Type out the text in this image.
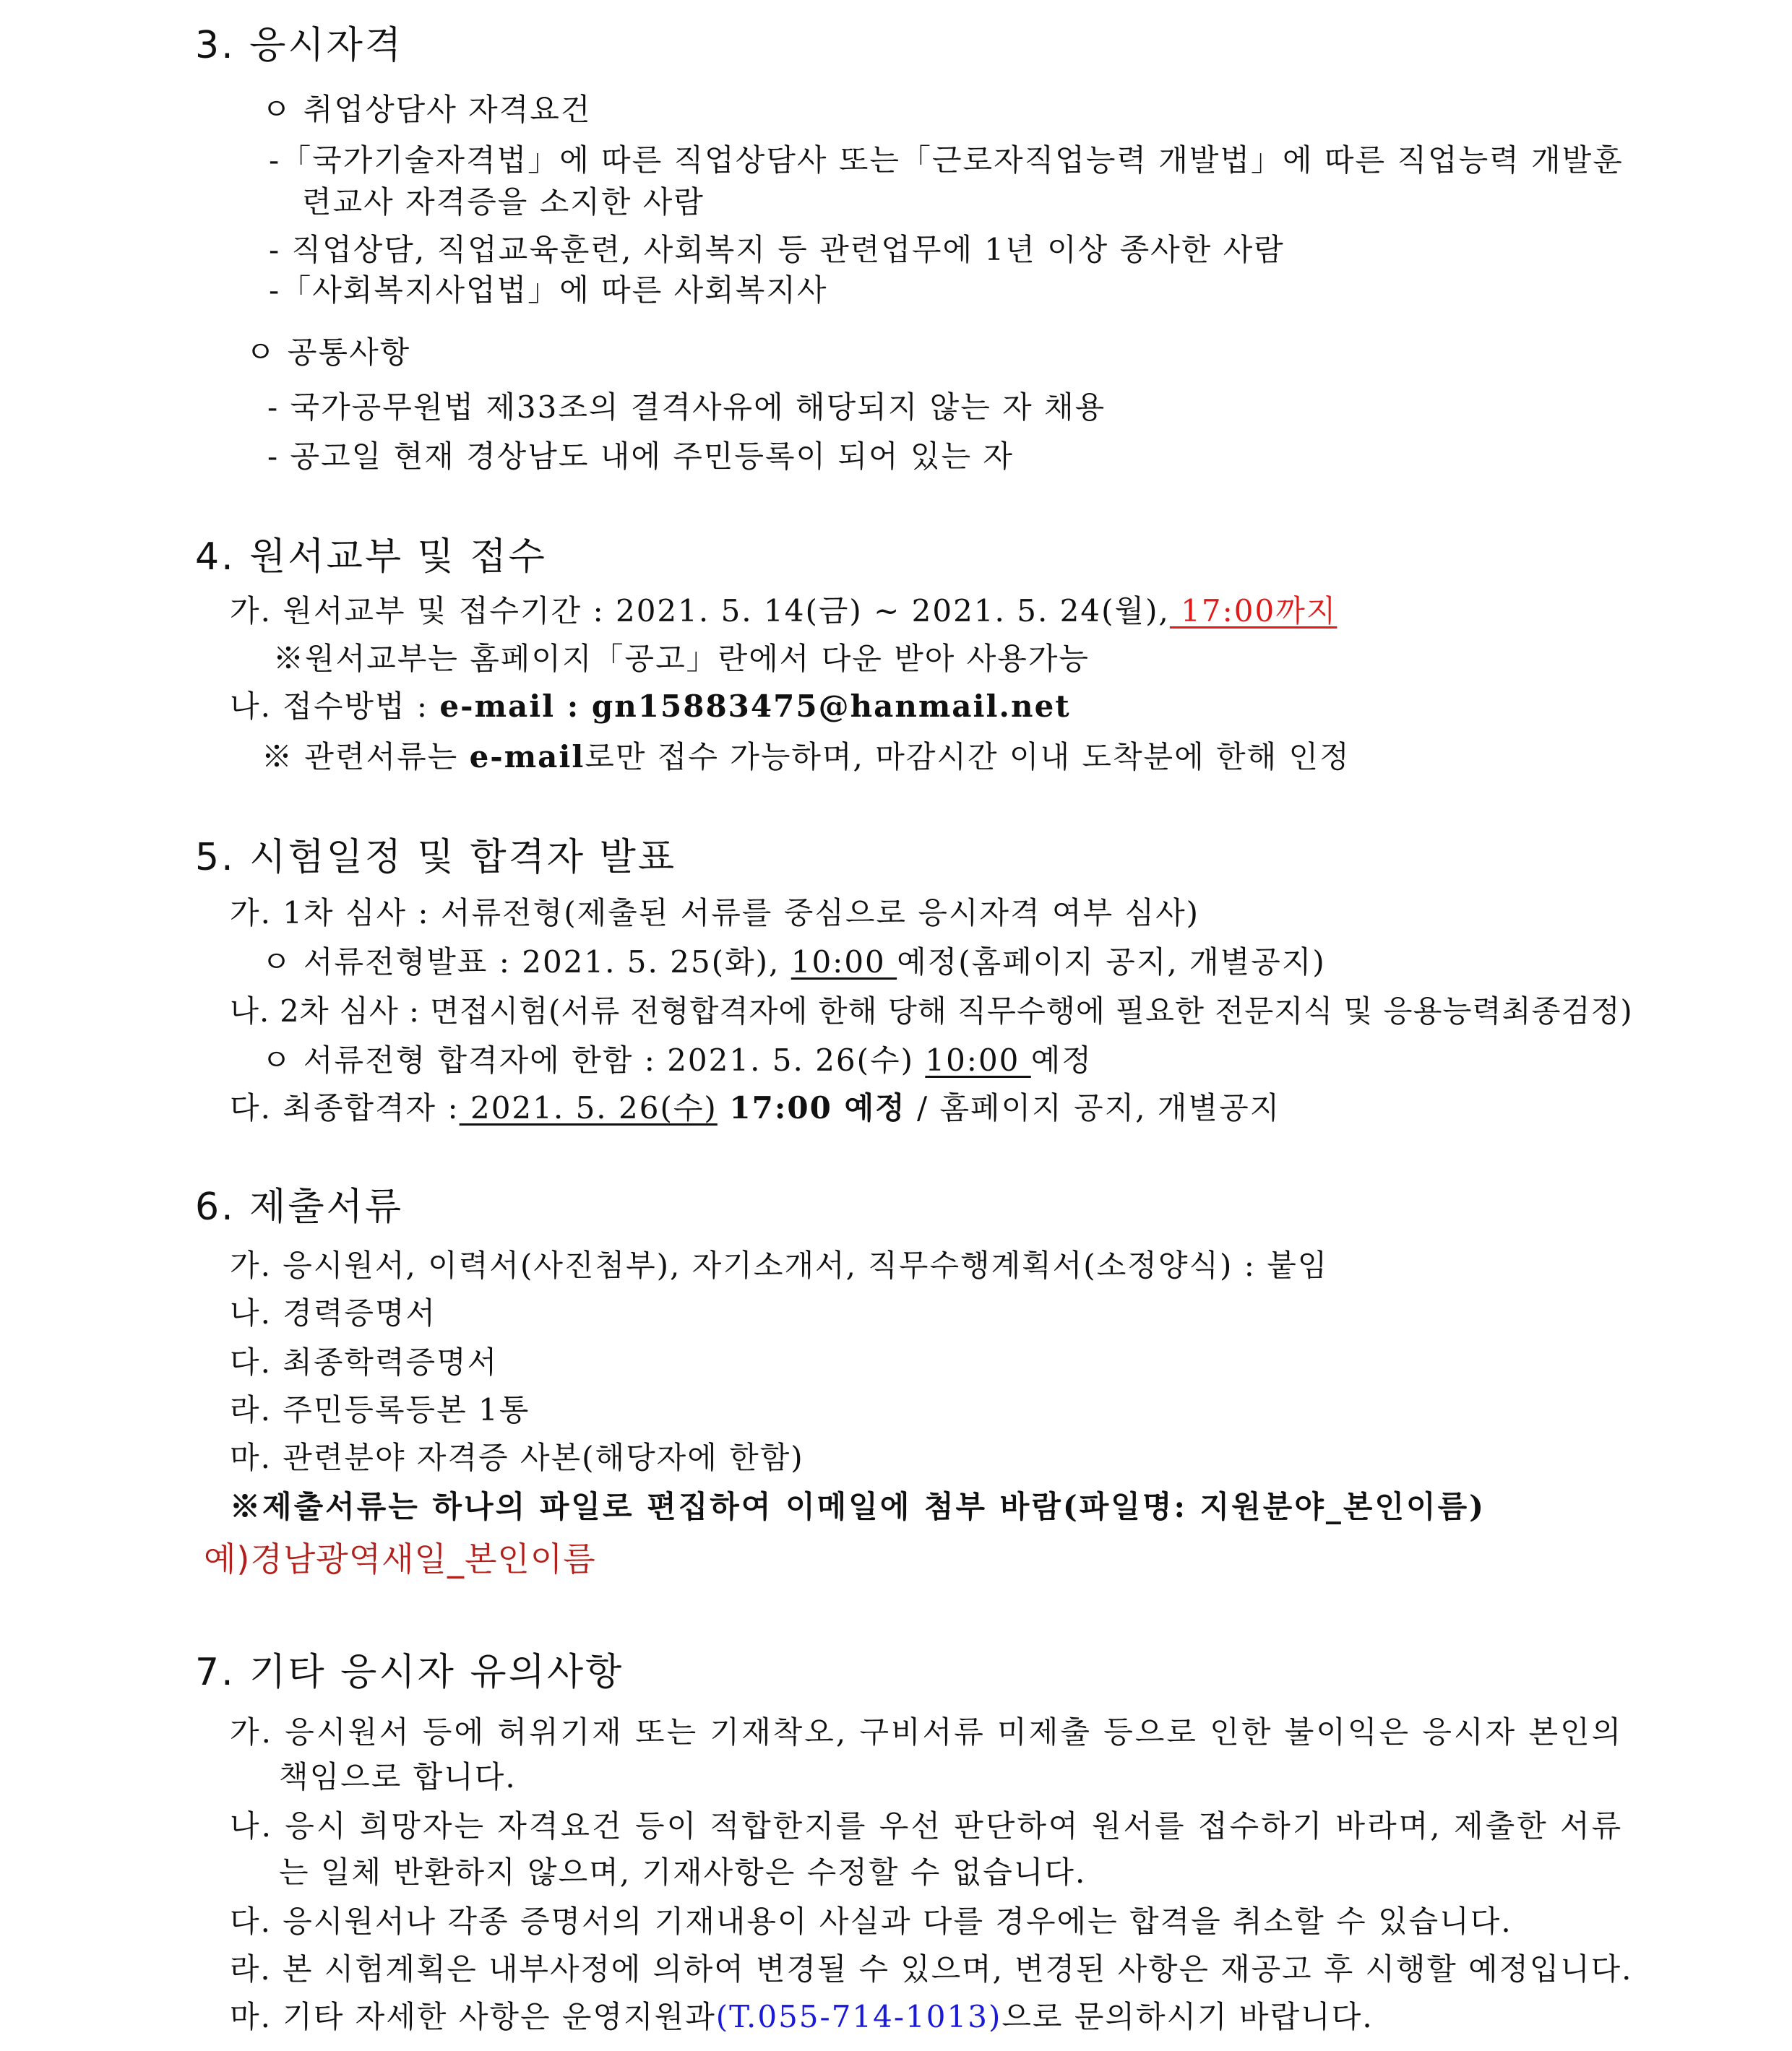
3. 응시자격
ㅇ 취업상담사 자격요건
-「국가기술자격법」에 따른 직업상담사 또는「근로자직업능력 개발법」에 따른 직업능력 개발훈
련교사 자격증을 소지한 사람
- 직업상담, 직업교육훈련, 사회복지 등 관련업무에 1년 이상 종사한 사람
-「사회복지사업법」에 따른 사회복지사
ㅇ 공통사항
- 국가공무원법 제33조의 결격사유에 해당되지 않는 자 채용
- 공고일 현재 경상남도 내에 주민등록이 되어 있는 자
4. 원서교부 및 접수
가. 원서교부 및 접수기간 : 2021. 5. 14(금) ~ 2021. 5. 24(월), 17:00까지
※원서교부는 홈페이지「공고」란에서 다운 받아 사용가능
나. 접수방법 : e-mail : gn15883475@hanmail.net
※ 관련서류는 e-mail로만 접수 가능하며, 마감시간 이내 도착분에 한해 인정
5. 시험일정 및 합격자 발표
가. 1차 심사 : 서류전형(제출된 서류를 중심으로 응시자격 여부 심사)
ㅇ 서류전형발표 : 2021. 5. 25(화), 10:00 예정(홈페이지 공지, 개별공지)
나. 2차 심사 : 면접시험(서류 전형합격자에 한해 당해 직무수행에 필요한 전문지식 및 응용능력최종검정)
ㅇ 서류전형 합격자에 한함 : 2021. 5. 26(수) 10:00 예정
다. 최종합격자 : 2021. 5. 26(수) 17:00 예정 / 홈페이지 공지, 개별공지
6. 제출서류
가. 응시원서, 이력서(사진첨부), 자기소개서, 직무수행계획서(소정양식) : 붙임
나. 경력증명서
다. 최종학력증명서
라. 주민등록등본 1통
마. 관련분야 자격증 사본(해당자에 한함)
※제출서류는 하나의 파일로 편집하여 이메일에 첨부 바람(파일명: 지원분야_본인이름)
예)경남광역새일_본인이름
7. 기타 응시자 유의사항
가. 응시원서 등에 허위기재 또는 기재착오, 구비서류 미제출 등으로 인한 불이익은 응시자 본인의
책임으로 합니다.
나. 응시 희망자는 자격요건 등이 적합한지를 우선 판단하여 원서를 접수하기 바라며, 제출한 서류
는 일체 반환하지 않으며, 기재사항은 수정할 수 없습니다.
다. 응시원서나 각종 증명서의 기재내용이 사실과 다를 경우에는 합격을 취소할 수 있습니다.
라. 본 시험계획은 내부사정에 의하여 변경될 수 있으며, 변경된 사항은 재공고 후 시행할 예정입니다.
마. 기타 자세한 사항은 운영지원과(T.055-714-1013)으로 문의하시기 바랍니다.
